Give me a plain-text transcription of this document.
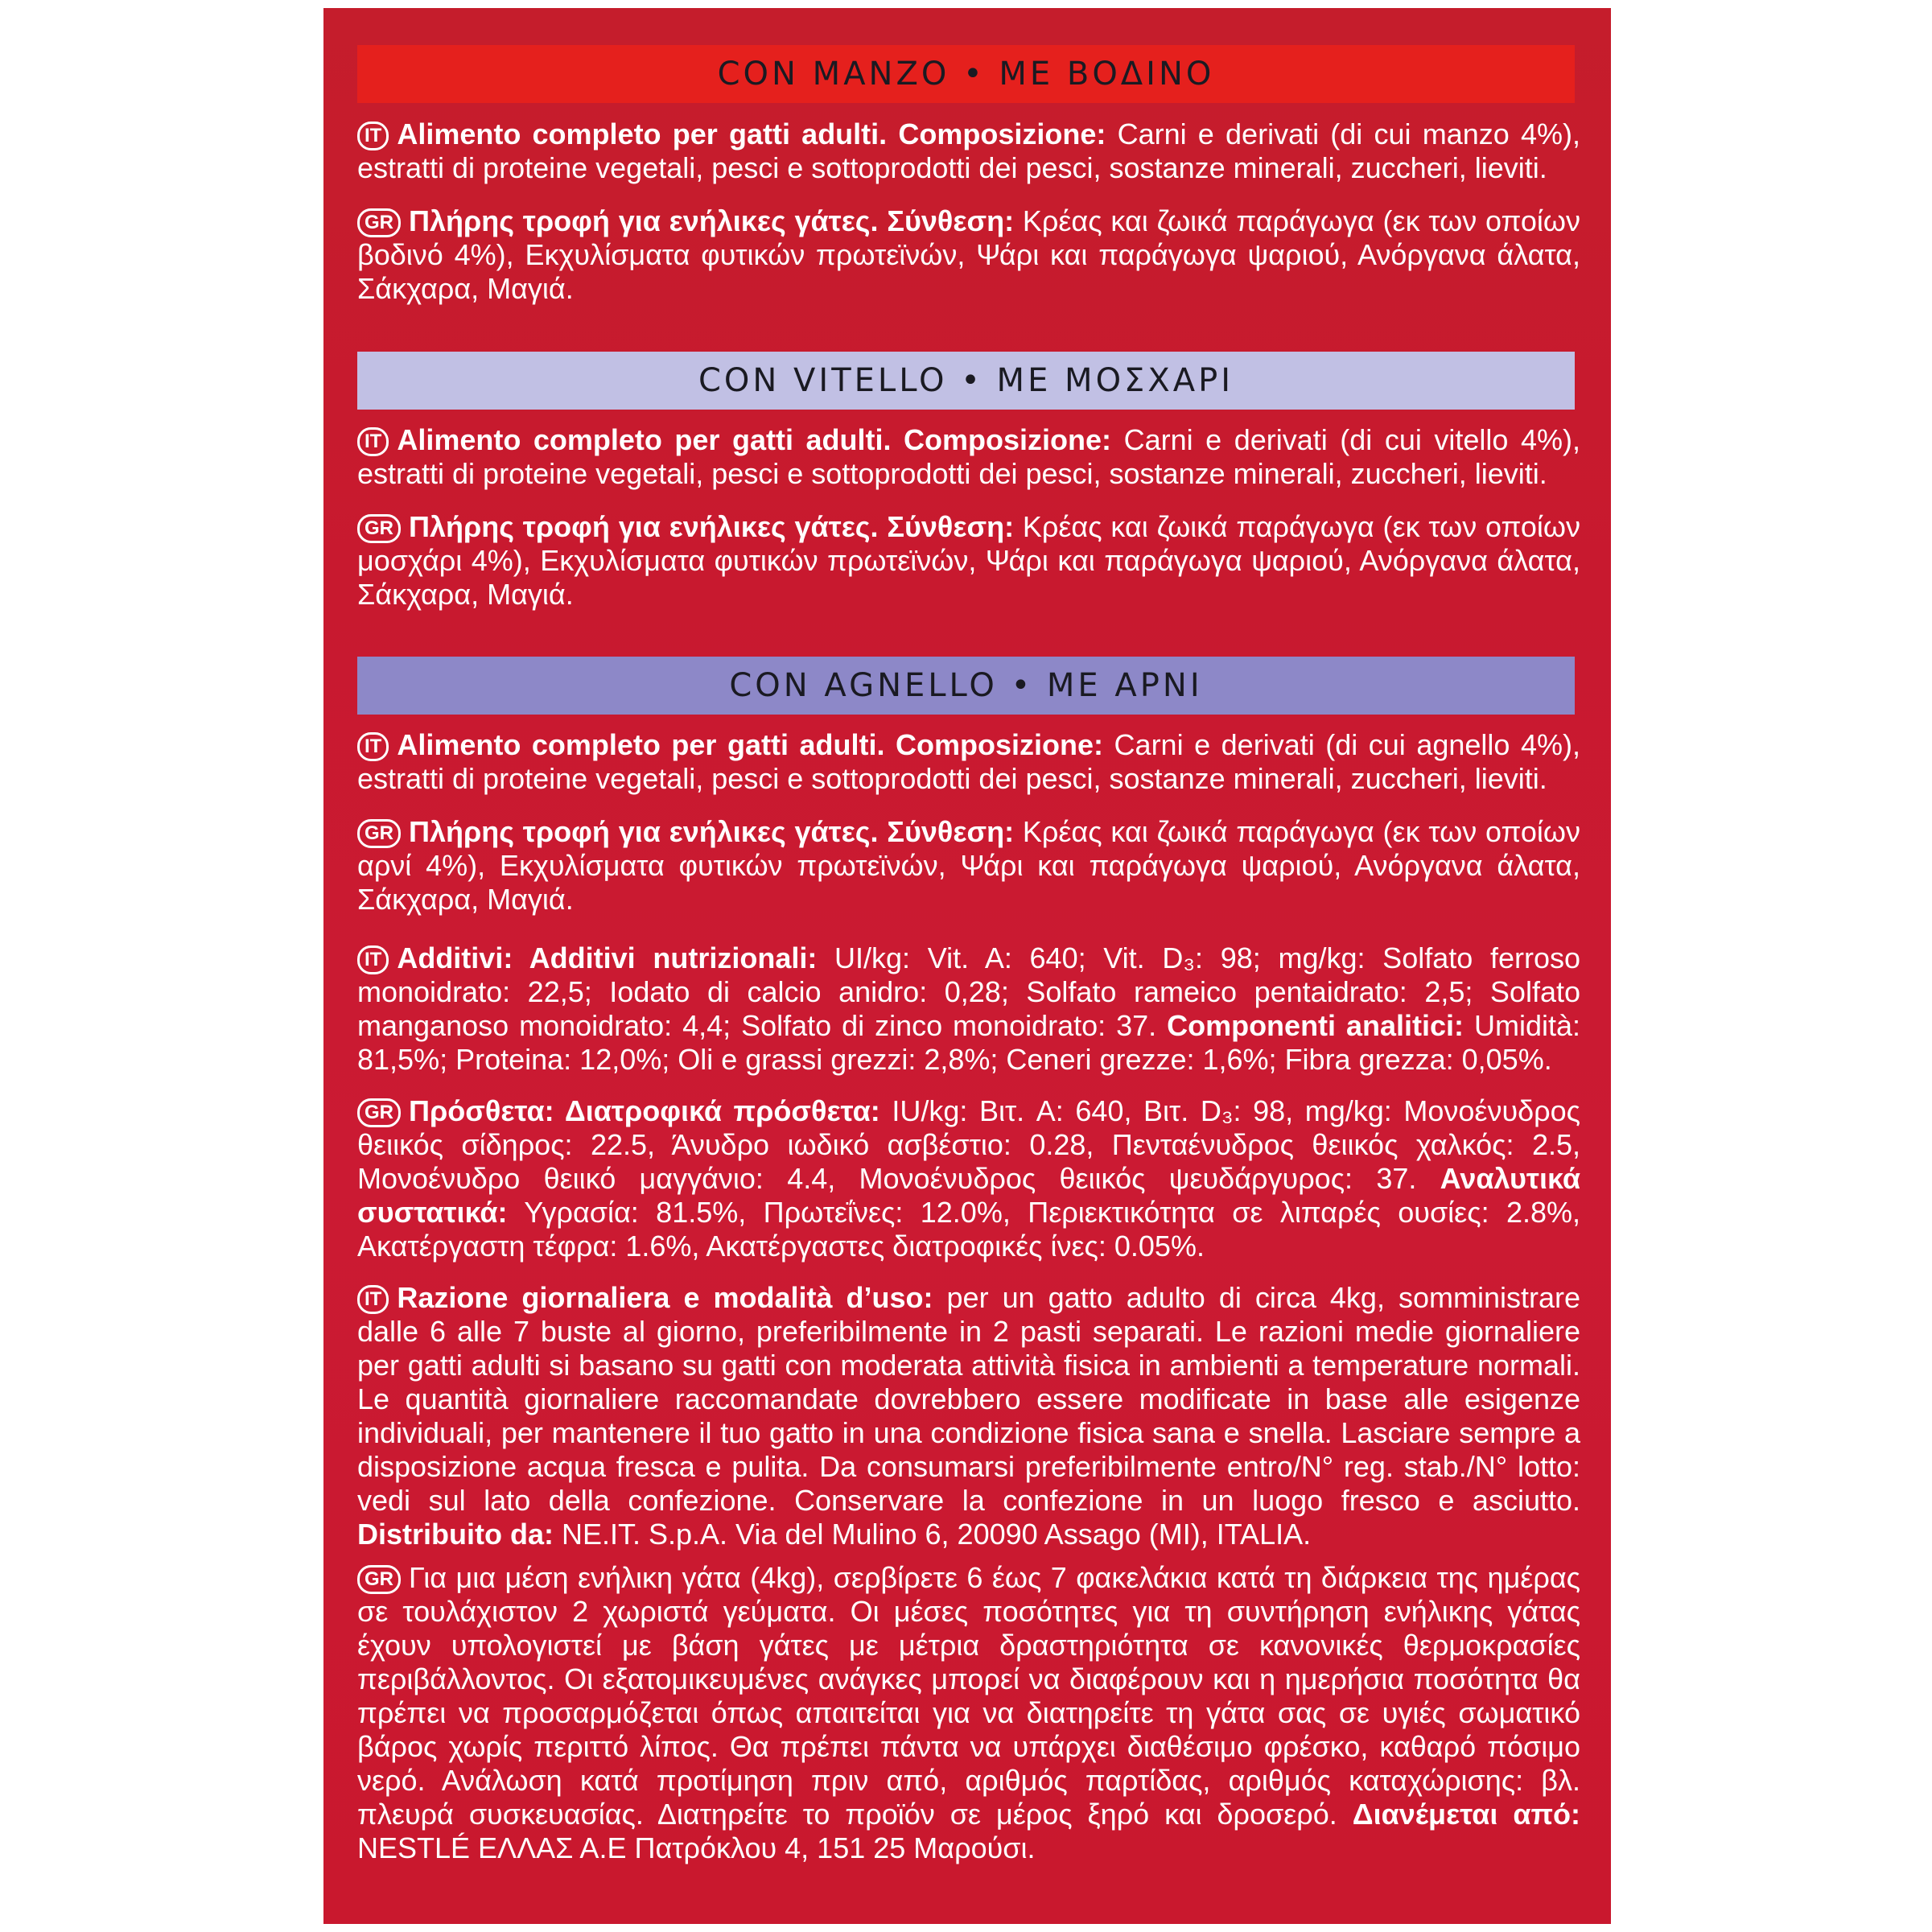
CON MANZO • ME ΒΟΔΙΝΟ
IT Alimento completo per gatti adulti. Composizione: Carni e derivati (di cui manzo 4%), estratti di proteine vegetali, pesci e sottoprodotti dei pesci, sostanze minerali, zuccheri, lieviti.
GR Πλήρης τροφή για ενήλικες γάτες. Σύνθεση: Κρέας και ζωικά παράγωγα (εκ των οποίων βοδινό 4%), Εκχυλίσματα φυτικών πρωτεϊνών, Ψάρι και παράγωγα ψαριού, Ανόργανα άλατα, Σάκχαρα, Μαγιά.
CON VITELLO • ME ΜΟΣΧΑΡΙ
IT Alimento completo per gatti adulti. Composizione: Carni e derivati (di cui vitello 4%), estratti di proteine vegetali, pesci e sottoprodotti dei pesci, sostanze minerali, zuccheri, lieviti.
GR Πλήρης τροφή για ενήλικες γάτες. Σύνθεση: Κρέας και ζωικά παράγωγα (εκ των οποίων μοσχάρι 4%), Εκχυλίσματα φυτικών πρωτεϊνών, Ψάρι και παράγωγα ψαριού, Ανόργανα άλατα, Σάκχαρα, Μαγιά.
CON AGNELLO • ME ΑΡΝΙ
IT Alimento completo per gatti adulti. Composizione: Carni e derivati (di cui agnello 4%), estratti di proteine vegetali, pesci e sottoprodotti dei pesci, sostanze minerali, zuccheri, lieviti.
GR Πλήρης τροφή για ενήλικες γάτες. Σύνθεση: Κρέας και ζωικά παράγωγα (εκ των οποίων αρνί 4%), Εκχυλίσματα φυτικών πρωτεϊνών, Ψάρι και παράγωγα ψαριού, Ανόργανα άλατα, Σάκχαρα, Μαγιά.
IT Additivi: Additivi nutrizionali: UI/kg: Vit. A: 640; Vit. D₃: 98; mg/kg: Solfato ferroso monoidrato: 22,5; Iodato di calcio anidro: 0,28; Solfato rameico pentaidrato: 2,5; Solfato manganoso monoidrato: 4,4; Solfato di zinco monoidrato: 37. Componenti analitici: Umidità: 81,5%; Proteina: 12,0%; Oli e grassi grezzi: 2,8%; Ceneri grezze: 1,6%; Fibra grezza: 0,05%.
GR Πρόσθετα: Διατροφικά πρόσθετα: IU/kg: Βιτ. A: 640, Βιτ. D₃: 98, mg/kg: Μονοένυδρος θειικός σίδηρος: 22.5, Άνυδρο ιωδικό ασβέστιο: 0.28, Πενταένυδρος θειικός χαλκός: 2.5, Μονοένυδρο θειικό μαγγάνιο: 4.4, Μονοένυδρος θειικός ψευδάργυρος: 37. Αναλυτικά συστατικά: Υγρασία: 81.5%, Πρωτεΐνες: 12.0%, Περιεκτικότητα σε λιπαρές ουσίες: 2.8%, Ακατέργαστη τέφρα: 1.6%, Ακατέργαστες διατροφικές ίνες: 0.05%.
IT Razione giornaliera e modalità d’uso: per un gatto adulto di circa 4kg, somministrare dalle 6 alle 7 buste al giorno, preferibilmente in 2 pasti separati. Le razioni medie giornaliere per gatti adulti si basano su gatti con moderata attività fisica in ambienti a temperature normali. Le quantità giornaliere raccomandate dovrebbero essere modificate in base alle esigenze individuali, per mantenere il tuo gatto in una condizione fisica sana e snella. Lasciare sempre a disposizione acqua fresca e pulita. Da consumarsi preferibilmente entro/N° reg. stab./N° lotto: vedi sul lato della confezione. Conservare la confezione in un luogo fresco e asciutto. Distribuito da: NE.IT. S.p.A. Via del Mulino 6, 20090 Assago (MI), ITALIA.
GR Για μια μέση ενήλικη γάτα (4kg), σερβίρετε 6 έως 7 φακελάκια κατά τη διάρκεια της ημέρας σε τουλάχιστον 2 χωριστά γεύματα. Οι μέσες ποσότητες για τη συντήρηση ενήλικης γάτας έχουν υπολογιστεί με βάση γάτες με μέτρια δραστηριότητα σε κανονικές θερμοκρασίες περιβάλλοντος. Οι εξατομικευμένες ανάγκες μπορεί να διαφέρουν και η ημερήσια ποσότητα θα πρέπει να προσαρμόζεται όπως απαιτείται για να διατηρείτε τη γάτα σας σε υγιές σωματικό βάρος χωρίς περιττό λίπος. Θα πρέπει πάντα να υπάρχει διαθέσιμο φρέσκο, καθαρό πόσιμο νερό. Ανάλωση κατά προτίμηση πριν από, αριθμός παρτίδας, αριθμός καταχώρισης: βλ. πλευρά συσκευασίας. Διατηρείτε το προϊόν σε μέρος ξηρό και δροσερό. Διανέμεται από: NESTLÉ ΕΛΛΑΣ Α.Ε Πατρόκλου 4, 151 25 Μαρούσι.
